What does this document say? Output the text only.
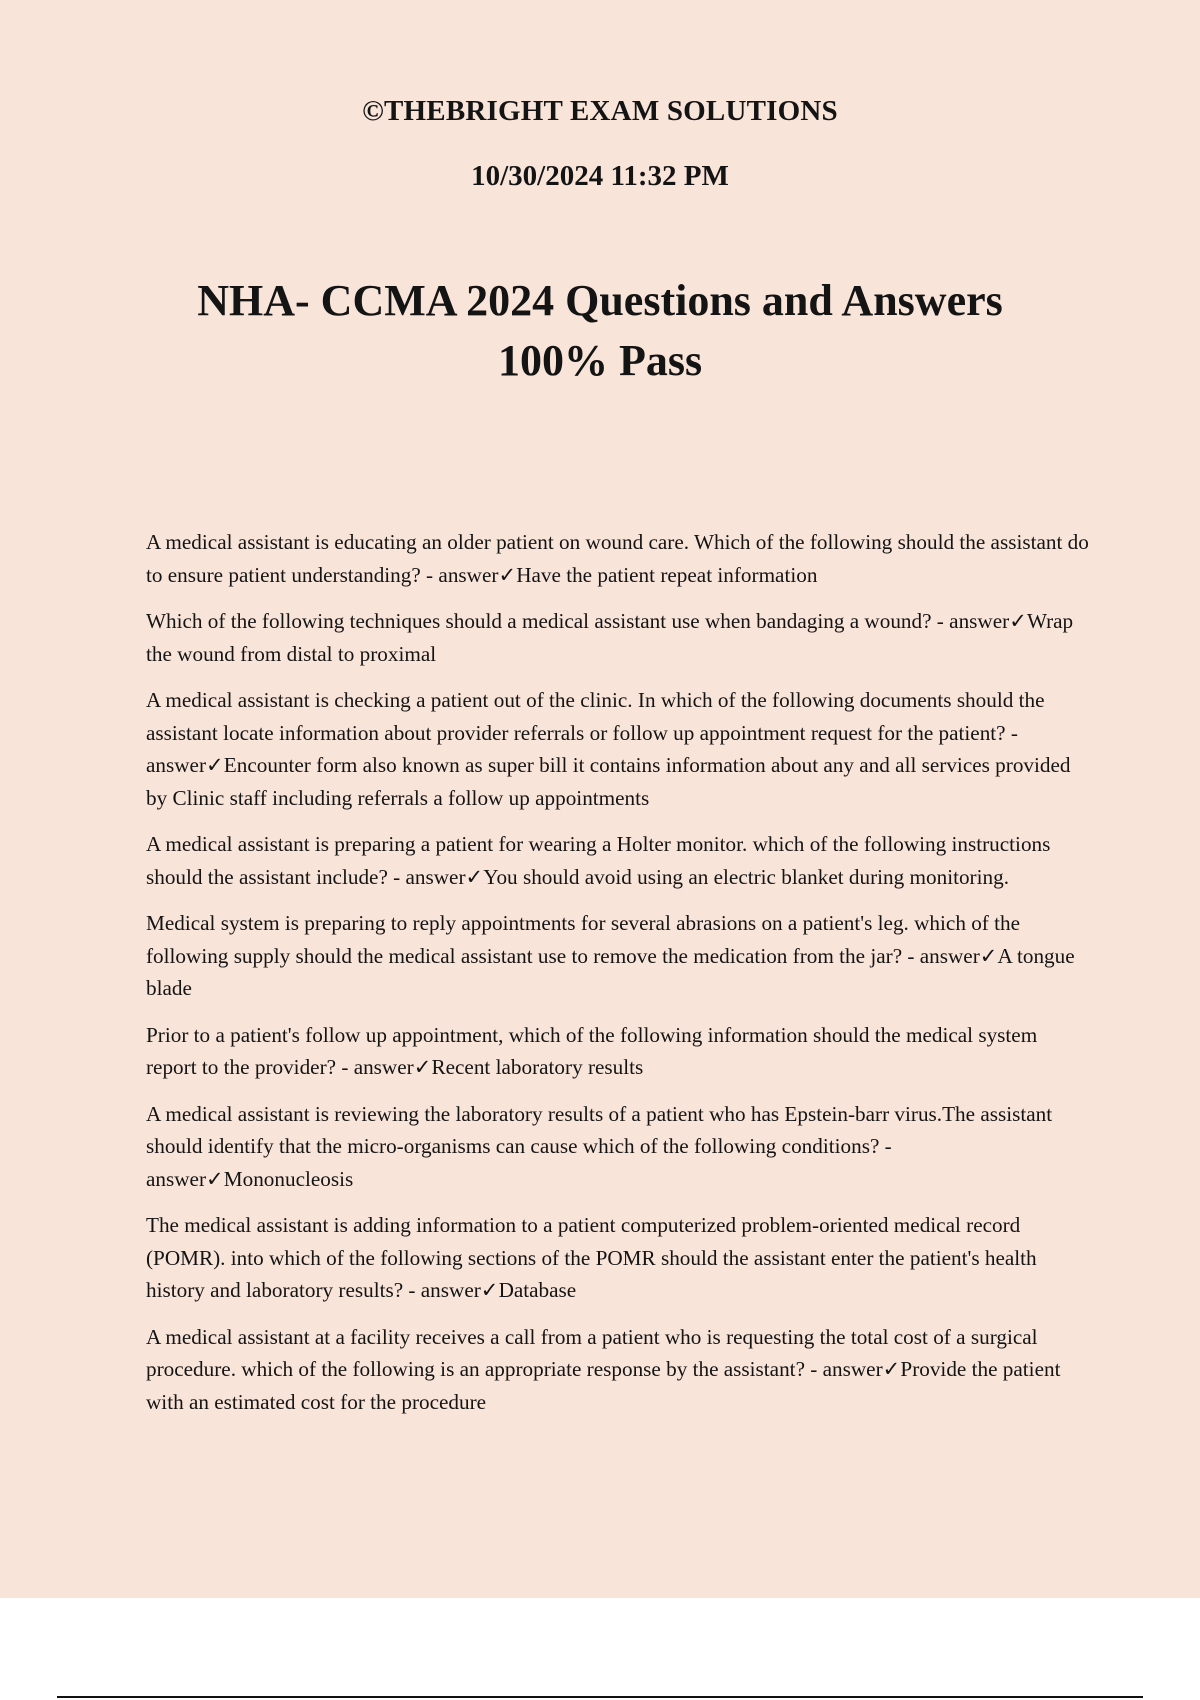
©THEBRIGHT EXAM SOLUTIONS
10/30/2024 11:32 PM
NHA- CCMA 2024 Questions and Answers
100% Pass
A medical assistant is educating an older patient on wound care. Which of the following should the assistant do to ensure patient understanding? - answer✓Have the patient repeat information
Which of the following techniques should a medical assistant use when bandaging a wound? - answer✓Wrap the wound from distal to proximal
A medical assistant is checking a patient out of the clinic. In which of the following documents should the assistant locate information about provider referrals or follow up appointment request for the patient? - answer✓Encounter form also known as super bill it contains information about any and all services provided by Clinic staff including referrals a follow up appointments
A medical assistant is preparing a patient for wearing a Holter monitor. which of the following instructions should the assistant include? - answer✓You should avoid using an electric blanket during monitoring.
Medical system is preparing to reply appointments for several abrasions on a patient's leg. which of the following supply should the medical assistant use to remove the medication from the jar? - answer✓A tongue blade
Prior to a patient's follow up appointment, which of the following information should the medical system report to the provider? - answer✓Recent laboratory results
A medical assistant is reviewing the laboratory results of a patient who has Epstein-barr virus.The assistant should identify that the micro-organisms can cause which of the following conditions? - answer✓Mononucleosis
The medical assistant is adding information to a patient computerized problem-oriented medical record (POMR). into which of the following sections of the POMR should the assistant enter the patient's health history and laboratory results? - answer✓Database
A medical assistant at a facility receives a call from a patient who is requesting the total cost of a surgical procedure. which of the following is an appropriate response by the assistant? - answer✓Provide the patient with an estimated cost for the procedure
